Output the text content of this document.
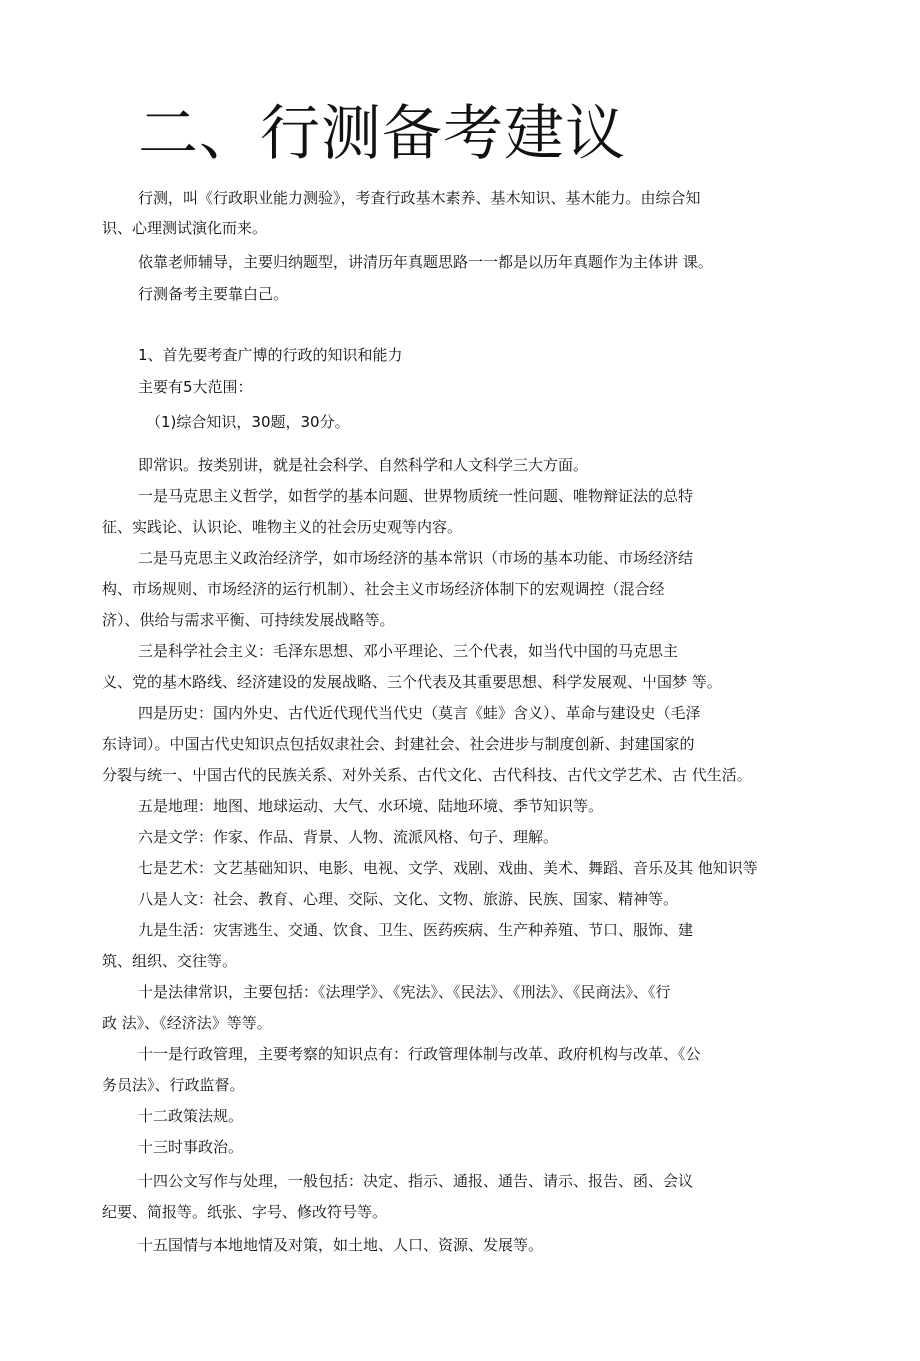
二、行测备考建议

行测，叫《行政职业能力测验》，考査行政基木素养、基木知识、基木能力。由综合知

识、心理测试演化而来。

依靠老师辅导，主要归纳题型，讲清历年真题思路一一都是以历年真题作为主体讲 课。

行测备考主要靠白己。

1、首先要考査广博的行政的知识和能力

主要有5大范围：

（1)综合知识，30题，30分。

即常识。按类别讲，就是社会科学、自然科学和人文科学三大方面。

一是马克思主义哲学，如哲学的基本问题、世界物质统一性问题、唯物辩证法的总特

征、实践论、认识论、唯物主义的社会历史观等内容。

二是马克思主义政治经济学，如市场经济的基本常识（市场的基本功能、市场经济结

构、市场规则、市场经济的运行机制）、社会主义市场经济体制下的宏观调控（混合经

济）、供给与需求平衡、可持续发展战略等。

三是科学社会主义：毛泽东思想、邓小平理论、三个代表，如当代中国的马克思主

义、党的基木路线、经济建设的发展战略、三个代表及其重要思想、科学发展观、屮国梦 等。

四是历史：国内外史、古代近代现代当代史（莫言《蛙》含义）、革命与建设史（毛泽

东诗词）。中国古代史知识点包括奴隶社会、封建社会、社会进步与制度创新、封建国家的

分裂与统一、屮国古代的民族关系、对外关系、古代文化、古代科技、古代文学艺术、古 代生活。

五是地理：地图、地球运动、大气、水环境、陆地环境、季节知识等。

六是文学：作家、作品、背景、人物、流派风格、句子、理解。

七是艺术：文艺基础知识、电影、电视、文学、戏剧、戏曲、美术、舞蹈、音乐及其 他知识等

八是人文：社会、教育、心理、交际、文化、文物、旅游、民族、国家、精神等。

九是生活：灾害逃生、交通、饮食、卫生、医药疾病、生产种养殖、节口、服饰、建

筑、组织、交往等。

十是法律常识，主要包括：《法理学》、《宪法》、《民法》、《刑法》、《民商法》、《行

政 法》、《经济法》等等。

十一是行政管理，主要考察的知识点有：行政管理体制与改革、政府机构与改革、《公

务员法》、行政监督。

十二政策法规。

十三时事政治。

十四公文写作与处理，一般包括：决定、指示、通报、通告、请示、报告、函、会议

纪要、简报等。纸张、字号、修改符号等。

十五国情与本地地情及对策，如土地、人口、资源、发展等。
